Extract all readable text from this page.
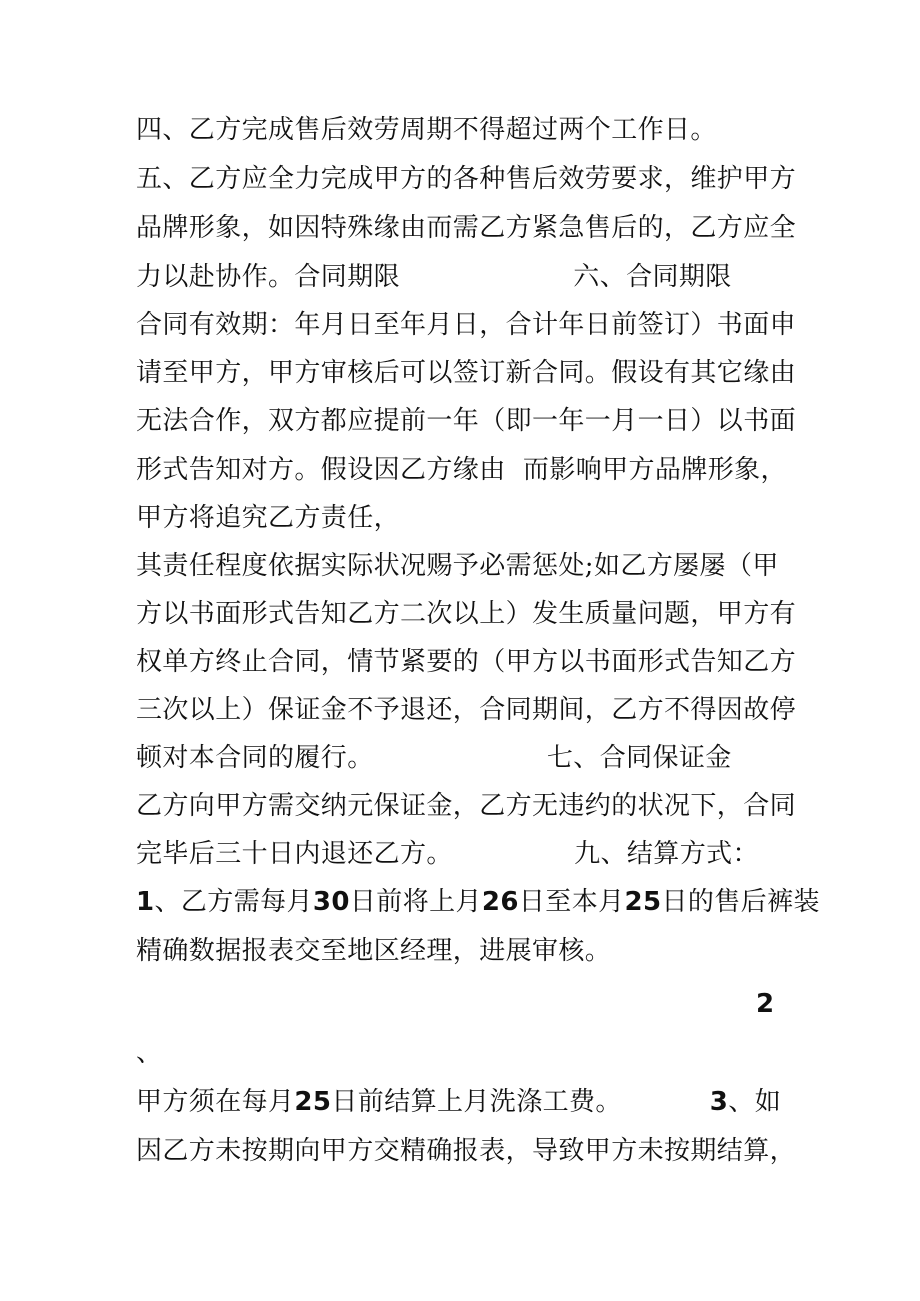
四、乙方完成售后效劳周期不得超过两个工作日。
五、乙方应全力完成甲方的各种售后效劳要求，维护甲方
品牌形象，如因特殊缘由而需乙方紧急售后的，乙方应全
力以赴协作。合同期限                    六、合同期限
合同有效期：年月日至年月日，合计年日前签订）书面申
请至甲方，甲方审核后可以签订新合同。假设有其它缘由
无法合作，双方都应提前一年（即一年一月一日）以书面
形式告知对方。假设因乙方缘由  而影响甲方品牌形象，
甲方将追究乙方责任，
其责任程度依据实际状况赐予必需惩处;如乙方屡屡（甲
方以书面形式告知乙方二次以上）发生质量问题，甲方有
权单方终止合同，情节紧要的（甲方以书面形式告知乙方
三次以上）保证金不予退还，合同期间，乙方不得因故停
顿对本合同的履行。                    七、合同保证金
乙方向甲方需交纳元保证金，乙方无违约的状况下，合同
完毕后三十日内退还乙方。              九、结算方式：
1、乙方需每月30日前将上月26日至本月25日的售后裤装
精确数据报表交至地区经理，进展审核。
2
、
甲方须在每月25日前结算上月洗涤工费。	3、如
因乙方未按期向甲方交精确报表，导致甲方未按期结算，
